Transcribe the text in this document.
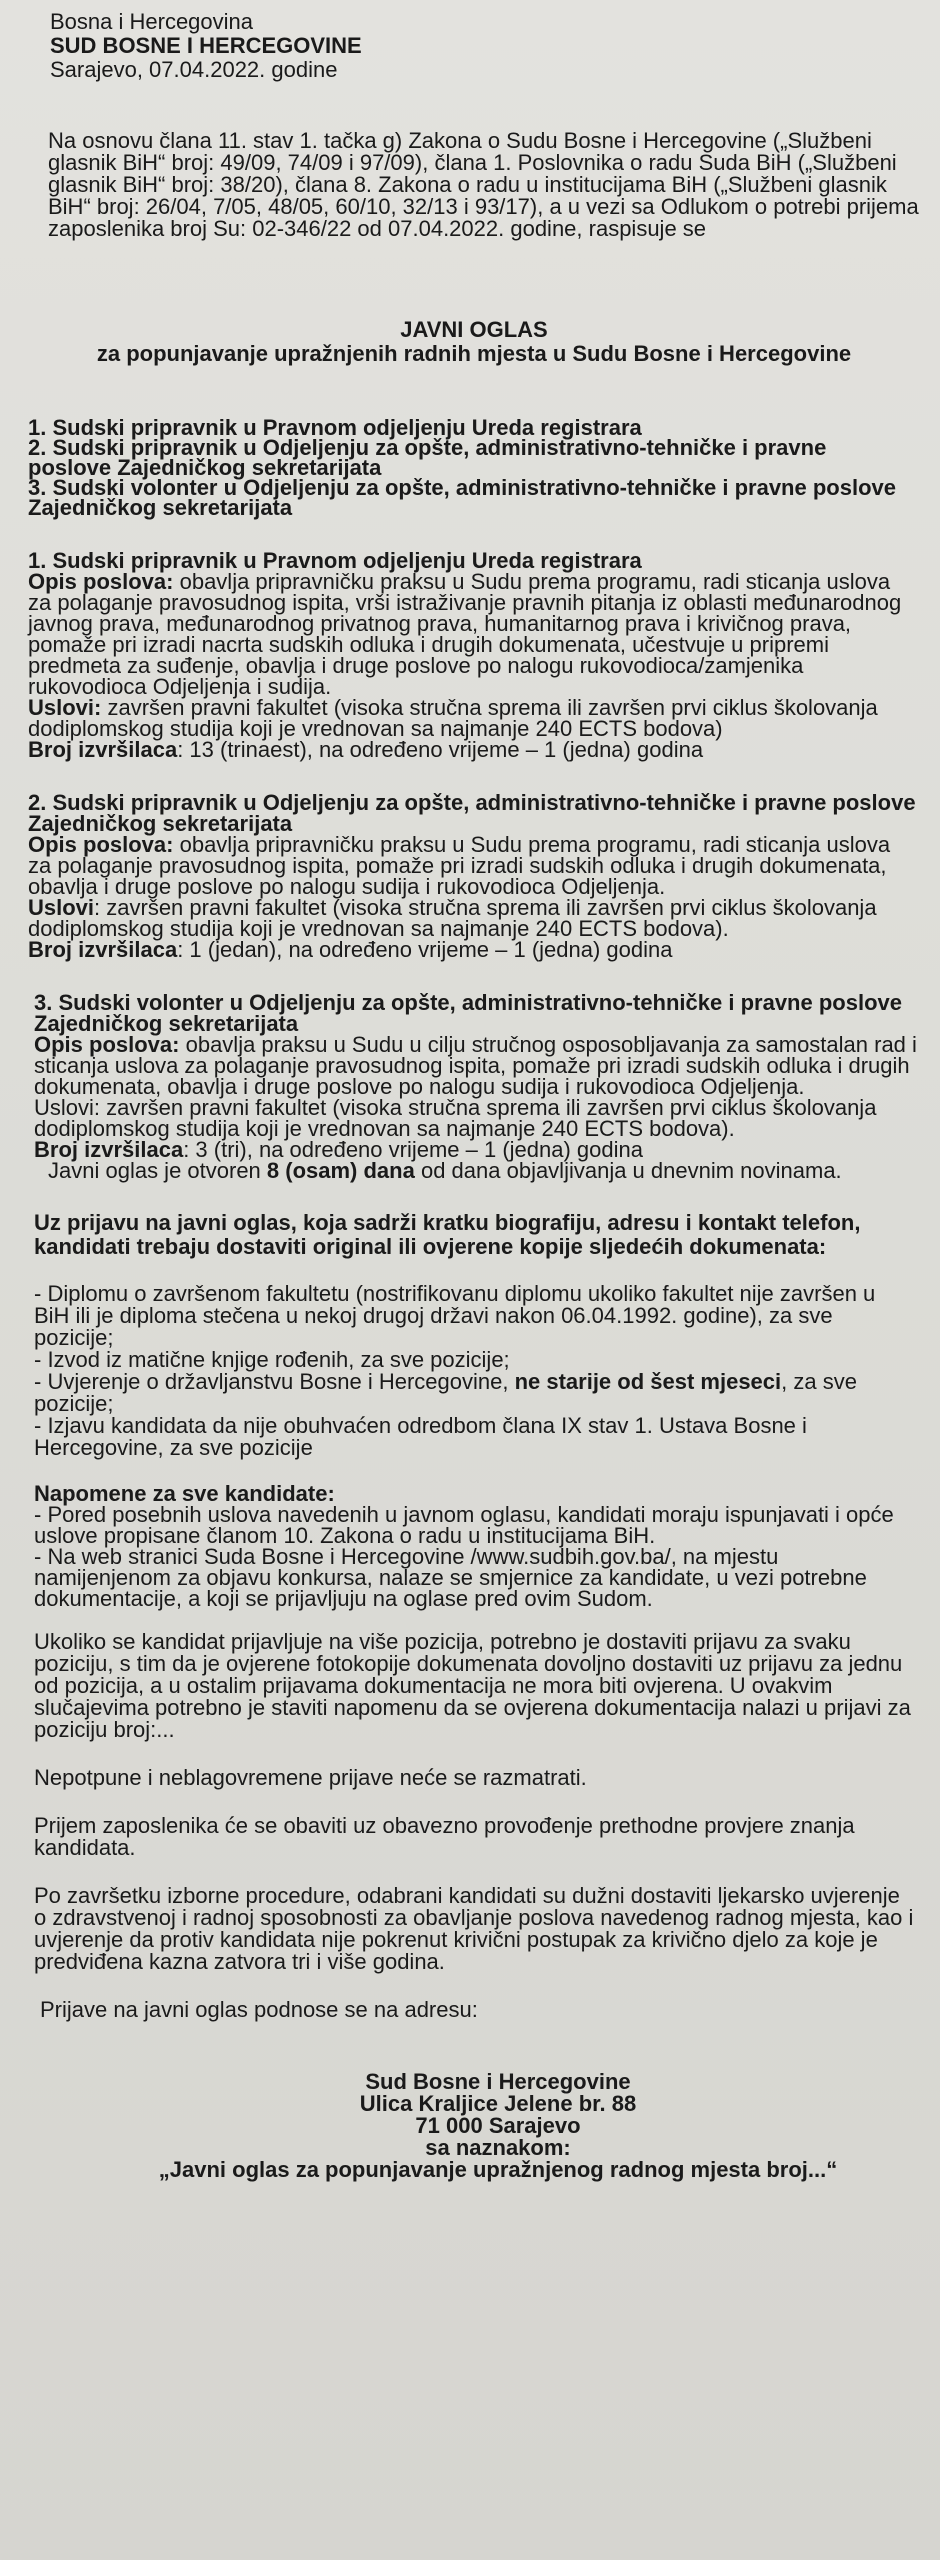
Bosna i Hercegovina

SUD BOSNE I HERCEGOVINE

Sarajevo, 07.04.2022. godine

Na osnovu člana 11. stav 1. tačka g) Zakona o Sudu Bosne i Hercegovine („Službeni glasnik BiH“ broj: 49/09, 74/09 i 97/09), člana 1. Poslovnika o radu Suda BiH („Službeni glasnik BiH“ broj: 38/20), člana 8. Zakona o radu u institucijama BiH („Službeni glasnik BiH“ broj: 26/04, 7/05, 48/05, 60/10, 32/13 i 93/17), a u vezi sa Odlukom o potrebi prijema zaposlenika broj Su: 02-346/22 od 07.04.2022. godine, raspisuje se

JAVNI OGLAS

za popunjavanje upražnjenih radnih mjesta u Sudu Bosne i Hercegovine

1. Sudski pripravnik u Pravnom odjeljenju Ureda registrara

2. Sudski pripravnik u Odjeljenju za opšte, administrativno-tehničke i pravne poslove Zajedničkog sekretarijata

3. Sudski volonter u Odjeljenju za opšte, administrativno-tehničke i pravne poslove Zajedničkog sekretarijata

1. Sudski pripravnik u Pravnom odjeljenju Ureda registrara

Opis poslova: obavlja pripravničku praksu u Sudu prema programu, radi sticanja uslova za polaganje pravosudnog ispita, vrši istraživanje pravnih pitanja iz oblasti međunarodnog javnog prava, međunarodnog privatnog prava, humanitarnog prava i krivičnog prava, pomaže pri izradi nacrta sudskih odluka i drugih dokumenata, učestvuje u pripremi predmeta za suđenje, obavlja i druge poslove po nalogu rukovodioca/zamjenika rukovodioca Odjeljenja i sudija.

Uslovi: završen pravni fakultet (visoka stručna sprema ili završen prvi ciklus školovanja dodiplomskog studija koji je vrednovan sa najmanje 240 ECTS bodova)

Broj izvršilaca: 13 (trinaest), na određeno vrijeme – 1 (jedna) godina

2. Sudski pripravnik u Odjeljenju za opšte, administrativno-tehničke i pravne poslove Zajedničkog sekretarijata

Opis poslova: obavlja pripravničku praksu u Sudu prema programu, radi sticanja uslova za polaganje pravosudnog ispita, pomaže pri izradi sudskih odluka i drugih dokumenata, obavlja i druge poslove po nalogu sudija i rukovodioca Odjeljenja.

Uslovi: završen pravni fakultet (visoka stručna sprema ili završen prvi ciklus školovanja dodiplomskog studija koji je vrednovan sa najmanje 240 ECTS bodova).

Broj izvršilaca: 1 (jedan), na određeno vrijeme – 1 (jedna) godina

3. Sudski volonter u Odjeljenju za opšte, administrativno-tehničke i pravne poslove Zajedničkog sekretarijata

Opis poslova: obavlja praksu u Sudu u cilju stručnog osposobljavanja za samostalan rad i sticanja uslova za polaganje pravosudnog ispita, pomaže pri izradi sudskih odluka i drugih dokumenata, obavlja i druge poslove po nalogu sudija i rukovodioca Odjeljenja.

Uslovi: završen pravni fakultet (visoka stručna sprema ili završen prvi ciklus školovanja dodiplomskog studija koji je vrednovan sa najmanje 240 ECTS bodova).

Broj izvršilaca: 3 (tri), na određeno vrijeme – 1 (jedna) godina

Javni oglas je otvoren 8 (osam) dana od dana objavljivanja u dnevnim novinama.

Uz prijavu na javni oglas, koja sadrži kratku biografiju, adresu i kontakt telefon, kandidati trebaju dostaviti original ili ovjerene kopije sljedećih dokumenata:

- Diplomu o završenom fakultetu (nostrifikovanu diplomu ukoliko fakultet nije završen u BiH ili je diploma stečena u nekoj drugoj državi nakon 06.04.1992. godine), za sve pozicije;

- Izvod iz matične knjige rođenih, za sve pozicije;

- Uvjerenje o državljanstvu Bosne i Hercegovine, ne starije od šest mjeseci, za sve pozicije;

- Izjavu kandidata da nije obuhvaćen odredbom člana IX stav 1. Ustava Bosne i Hercegovine, za sve pozicije

Napomene za sve kandidate:

- Pored posebnih uslova navedenih u javnom oglasu, kandidati moraju ispunjavati i opće uslove propisane članom 10. Zakona o radu u institucijama BiH.

- Na web stranici Suda Bosne i Hercegovine /www.sudbih.gov.ba/, na mjestu namijenjenom za objavu konkursa, nalaze se smjernice za kandidate, u vezi potrebne dokumentacije, a koji se prijavljuju na oglase pred ovim Sudom.

Ukoliko se kandidat prijavljuje na više pozicija, potrebno je dostaviti prijavu za svaku poziciju, s tim da je ovjerene fotokopije dokumenata dovoljno dostaviti uz prijavu za jednu od pozicija, a u ostalim prijavama dokumentacija ne mora biti ovjerena. U ovakvim slučajevima potrebno je staviti napomenu da se ovjerena dokumentacija nalazi u prijavi za poziciju broj:...

Nepotpune i neblagovremene prijave neće se razmatrati.

Prijem zaposlenika će se obaviti uz obavezno provođenje prethodne provjere znanja kandidata.

Po završetku izborne procedure, odabrani kandidati su dužni dostaviti ljekarsko uvjerenje o zdravstvenoj i radnoj sposobnosti za obavljanje poslova navedenog radnog mjesta, kao i uvjerenje da protiv kandidata nije pokrenut krivični postupak za krivično djelo za koje je predviđena kazna zatvora tri i više godina.

Prijave na javni oglas podnose se na adresu:

Sud Bosne i Hercegovine

Ulica Kraljice Jelene br. 88

71 000 Sarajevo

sa naznakom:

„Javni oglas za popunjavanje upražnjenog radnog mjesta broj...“
